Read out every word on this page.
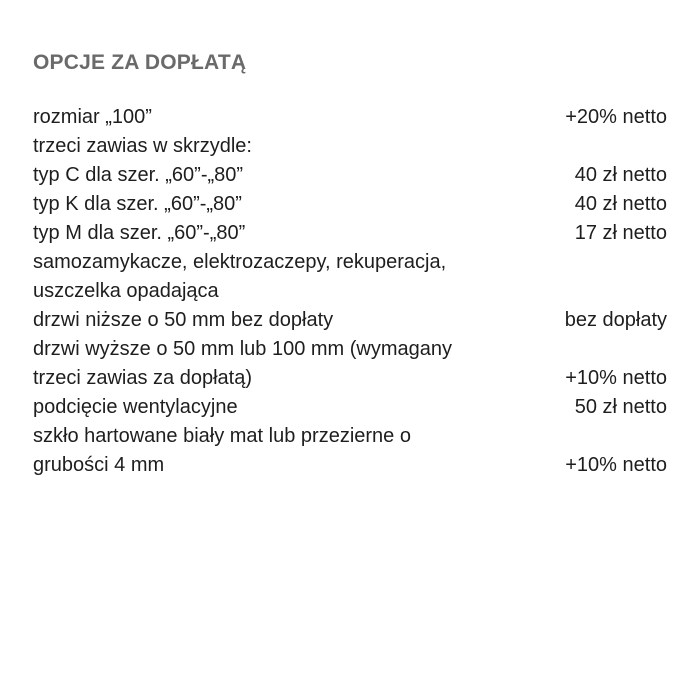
OPCJE ZA DOPŁATĄ
rozmiar „100”	+20% netto
trzeci zawias w skrzydle:
typ C dla szer. „60”-„80”	40 zł netto
typ K dla szer. „60”-„80”	40 zł netto
typ M dla szer. „60”-„80”	17 zł netto
samozamykacze, elektrozaczepy, rekuperacja,
uszczelka opadająca
drzwi niższe o 50 mm bez dopłaty	bez dopłaty
drzwi wyższe o 50 mm lub 100 mm (wymagany
trzeci zawias za dopłatą)	+10% netto
podcięcie wentylacyjne	50 zł netto
szkło hartowane biały mat lub przezierne o
grubości 4 mm	+10% netto
